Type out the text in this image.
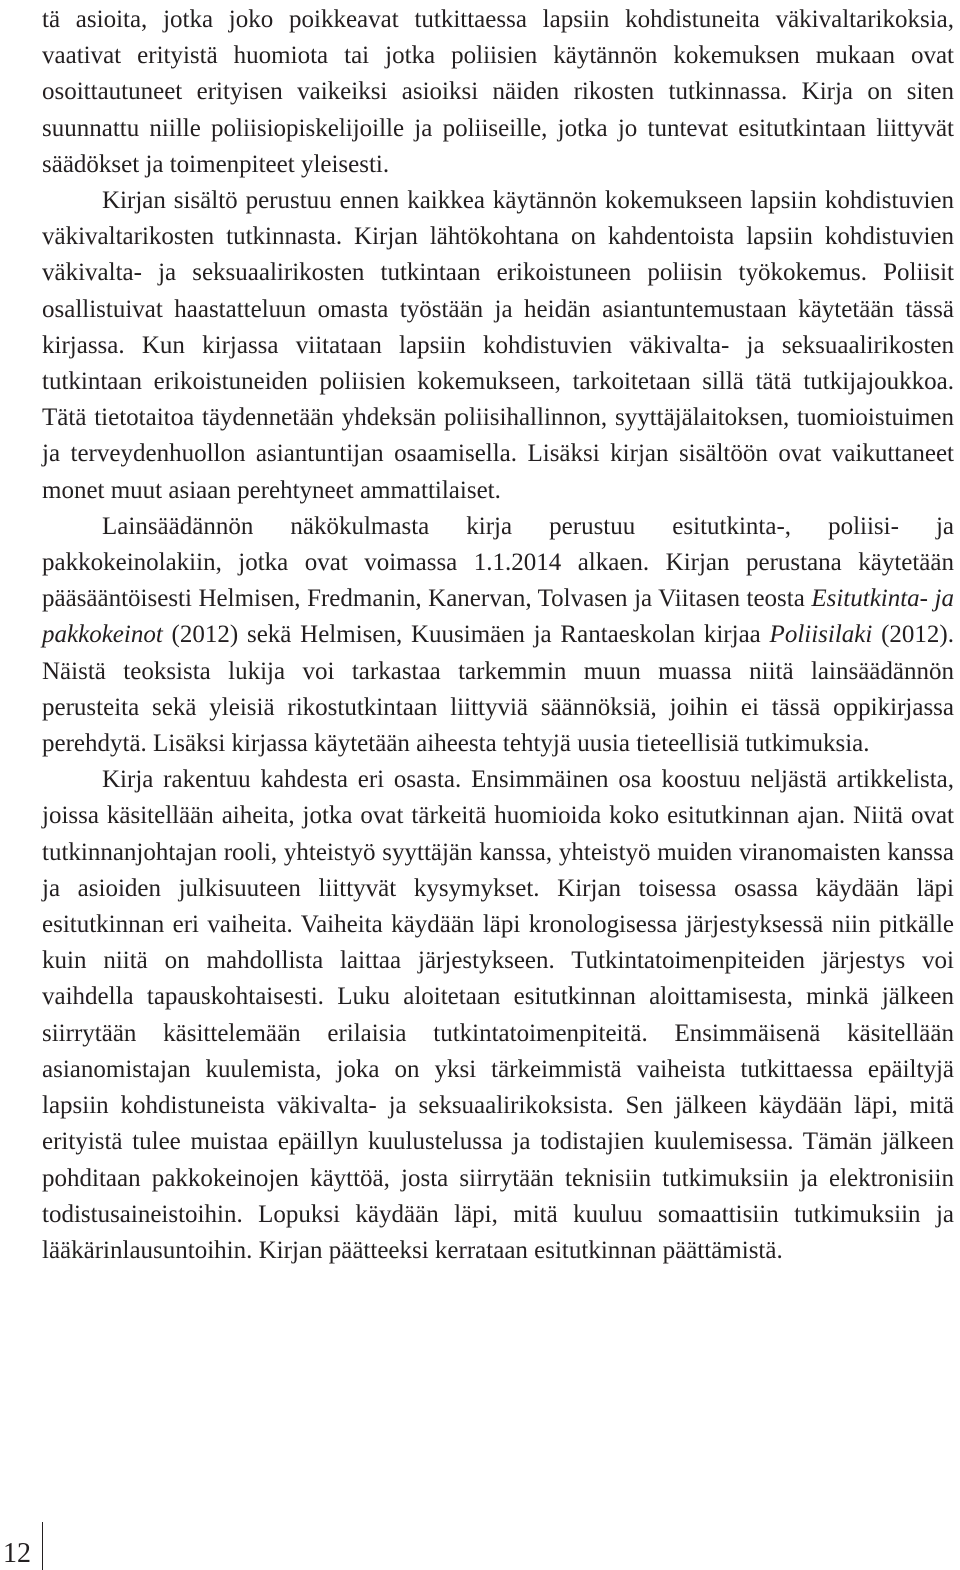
tä asioita, jotka joko poikkeavat tutkittaessa lapsiin kohdistuneita väkivaltarikoksia, vaativat erityistä huomiota tai jotka poliisien käytännön kokemuksen mukaan ovat osoittautuneet erityisen vaikeiksi asioiksi näiden rikosten tutkinnassa. Kirja on siten suunnattu niille poliisiopiskelijoille ja poliiseille, jotka jo tuntevat esitutkintaan liittyvät säädökset ja toimenpiteet yleisesti.

Kirjan sisältö perustuu ennen kaikkea käytännön kokemukseen lapsiin kohdistuvien väkivaltarikosten tutkinnasta. Kirjan lähtökohtana on kahdentoista lapsiin kohdistuvien väkivalta- ja seksuaalirikosten tutkintaan erikoistuneen poliisin työkokemus. Poliisit osallistuivat haastatteluun omasta työstään ja heidän asiantuntemustaan käytetään tässä kirjassa. Kun kirjassa viitataan lapsiin kohdistuvien väkivalta- ja seksuaalirikosten tutkintaan erikoistuneiden poliisien kokemukseen, tarkoitetaan sillä tätä tutkijajoukkoa. Tätä tietotaitoa täydennetään yhdeksän poliisihallinnon, syyttäjälaitoksen, tuomioistuimen ja terveydenhuollon asiantuntijan osaamisella. Lisäksi kirjan sisältöön ovat vaikuttaneet monet muut asiaan perehtyneet ammattilaiset.

Lainsäädännön näkökulmasta kirja perustuu esitutkinta-, poliisi- ja pakkokeinolakiin, jotka ovat voimassa 1.1.2014 alkaen. Kirjan perustana käytetään pääsääntöisesti Helmisen, Fredmanin, Kanervan, Tolvasen ja Viitasen teosta Esitutkinta- ja pakkokeinot (2012) sekä Helmisen, Kuusimäen ja Rantaeskolan kirjaa Poliisilaki (2012). Näistä teoksista lukija voi tarkastaa tarkemmin muun muassa niitä lainsäädännön perusteita sekä yleisiä rikostutkintaan liittyviä säännöksiä, joihin ei tässä oppikirjassa perehdytä. Lisäksi kirjassa käytetään aiheesta tehtyjä uusia tieteellisiä tutkimuksia.

Kirja rakentuu kahdesta eri osasta. Ensimmäinen osa koostuu neljästä artikkelista, joissa käsitellään aiheita, jotka ovat tärkeitä huomioida koko esitutkinnan ajan. Niitä ovat tutkinnanjohtajan rooli, yhteistyö syyttäjän kanssa, yhteistyö muiden viranomaisten kanssa ja asioiden julkisuuteen liittyvät kysymykset. Kirjan toisessa osassa käydään läpi esitutkinnan eri vaiheita. Vaiheita käydään läpi kronologisessa järjestyksessä niin pitkälle kuin niitä on mahdollista laittaa järjestykseen. Tutkintatoimenpiteiden järjestys voi vaihdella tapauskohtaisesti. Luku aloitetaan esitutkinnan aloittamisesta, minkä jälkeen siirrytään käsittelemään erilaisia tutkintatoimenpiteitä. Ensimmäisenä käsitellään asianomistajan kuulemista, joka on yksi tärkeimmistä vaiheista tutkittaessa epäiltyjä lapsiin kohdistuneista väkivalta- ja seksuaalirikoksista. Sen jälkeen käydään läpi, mitä erityistä tulee muistaa epäillyn kuulustelussa ja todistajien kuulemisessa. Tämän jälkeen pohditaan pakkokeinojen käyttöä, josta siirrytään teknisiin tutkimuksiin ja elektronisiin todistusaineistoihin. Lopuksi käydään läpi, mitä kuuluu somaattisiin tutkimuksiin ja lääkärinlausuntoihin. Kirjan päätteeksi kerrataan esitutkinnan päättämistä.

12
